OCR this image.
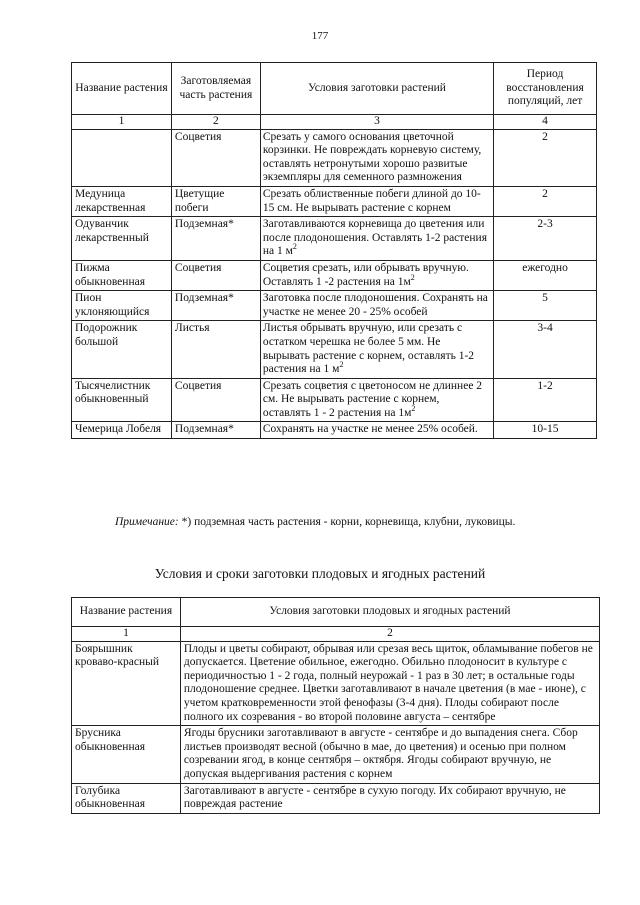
177
Название растения	Заготовляемая часть растения	Условия заготовки растений	Период восстановления популяций, лет
1	2	3	4
	Соцветия	Срезать у самого основания цветочной корзинки. Не повреждать корневую систему, оставлять нетронутыми хорошо развитые экземпляры для семенного размножения	2
Медуница лекарственная	Цветущие побеги	Срезать облиственные побеги длиной до 10-15 см. Не вырывать растение с корнем	2
Одуванчик лекарственный	Подземная*	Заготавливаются корневища до цветения или после плодоношения. Оставлять 1-2 растения на 1 $м^2$	2-3
Пижма обыкновенная	Соцветия	Соцветия срезать, или обрывать вручную. Оставлять 1 -2 растения на $1м^2$	ежегодно
Пион уклоняющийся	Подземная*	Заготовка после плодоношения. Сохранять на участке не менее 20 - 25% особей	5
Подорожник большой	Листья	Листья обрывать вручную, или срезать с остатком черешка не более 5 мм. Не вырывать растение с корнем, оставлять 1-2 растения на 1 $м^2$	3-4
Тысячелистник обыкновенный	Соцветия	Срезать соцветия с цветоносом не длиннее 2 см. Не вырывать растение с корнем, оставлять 1 - 2 растения на $1м^2$	1-2
Чемерица Лобеля	Подземная*	Сохранять на участке не менее 25% особей.	10-15
Примечание: *) подземная часть растения - корни, корневища, клубни, луковицы.
Условия и сроки заготовки плодовых и ягодных растений
Название растения	Условия заготовки плодовых и ягодных растений
1	2
Боярышник кроваво-красный	Плоды и цветы собирают, обрывая или срезая весь щиток, обламывание побегов не допускается. Цветение обильное, ежегодно. Обильно плодоносит в культуре с периодичностью 1 - 2 года, полный неурожай - 1 раз в 30 лет; в остальные годы плодоношение среднее. Цветки заготавливают в начале цветения (в мае - июне), с учетом кратковременности этой фенофазы (3-4 дня). Плоды собирают после полного их созревания - во второй половине августа – сентябре
Брусника обыкновенная	Ягоды брусники заготавливают в августе - сентябре и до выпадения снега. Сбор листьев производят весной (обычно в мае, до цветения) и осенью при полном созревании ягод, в конце сентября – октября. Ягоды собирают вручную, не допуская выдергивания растения с корнем
Голубика обыкновенная	Заготавливают в августе - сентябре в сухую погоду. Их собирают вручную, не повреждая растение
